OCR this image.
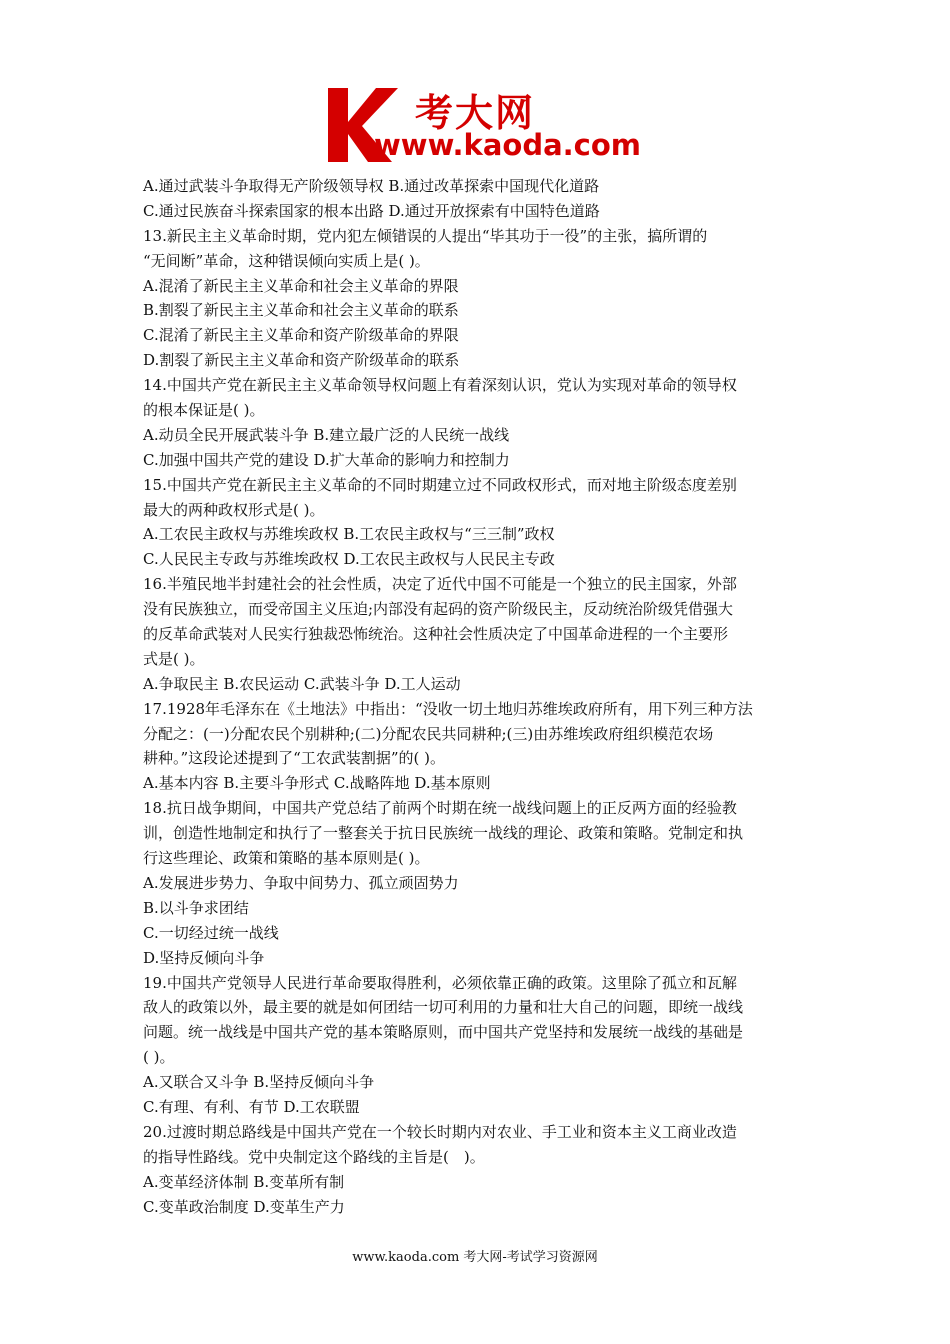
考大网
www.kaoda.com
A.通过武装斗争取得无产阶级领导权 B.通过改革探索中国现代化道路
C.通过民族奋斗探索国家的根本出路 D.通过开放探索有中国特色道路
13.新民主主义革命时期，党内犯左倾错误的人提出“毕其功于一役”的主张，搞所谓的
“无间断”革命，这种错误倾向实质上是( )。
A.混淆了新民主主义革命和社会主义革命的界限
B.割裂了新民主主义革命和社会主义革命的联系
C.混淆了新民主主义革命和资产阶级革命的界限
D.割裂了新民主主义革命和资产阶级革命的联系
14.中国共产党在新民主主义革命领导权问题上有着深刻认识，党认为实现对革命的领导权
的根本保证是( )。
A.动员全民开展武装斗争 B.建立最广泛的人民统一战线
C.加强中国共产党的建设 D.扩大革命的影响力和控制力
15.中国共产党在新民主主义革命的不同时期建立过不同政权形式，而对地主阶级态度差别
最大的两种政权形式是( )。
A.工农民主政权与苏维埃政权 B.工农民主政权与“三三制”政权
C.人民民主专政与苏维埃政权 D.工农民主政权与人民民主专政
16.半殖民地半封建社会的社会性质，决定了近代中国不可能是一个独立的民主国家，外部
没有民族独立，而受帝国主义压迫;内部没有起码的资产阶级民主，反动统治阶级凭借强大
的反革命武装对人民实行独裁恐怖统治。这种社会性质决定了中国革命进程的一个主要形
式是( )。
A.争取民主 B.农民运动 C.武装斗争 D.工人运动
17.1928年毛泽东在《土地法》中指出：“没收一切土地归苏维埃政府所有，用下列三种方法
分配之：(一)分配农民个别耕种;(二)分配农民共同耕种;(三)由苏维埃政府组织模范农场
耕种。”这段论述提到了“工农武装割据”的( )。
A.基本内容 B.主要斗争形式 C.战略阵地 D.基本原则
18.抗日战争期间，中国共产党总结了前两个时期在统一战线问题上的正反两方面的经验教
训，创造性地制定和执行了一整套关于抗日民族统一战线的理论、政策和策略。党制定和执
行这些理论、政策和策略的基本原则是( )。
A.发展进步势力、争取中间势力、孤立顽固势力
B.以斗争求团结
C.一切经过统一战线
D.坚持反倾向斗争
19.中国共产党领导人民进行革命要取得胜利，必须依靠正确的政策。这里除了孤立和瓦解
敌人的政策以外，最主要的就是如何团结一切可利用的力量和壮大自己的问题，即统一战线
问题。统一战线是中国共产党的基本策略原则，而中国共产党坚持和发展统一战线的基础是
( )。
A.又联合又斗争 B.坚持反倾向斗争
C.有理、有利、有节 D.工农联盟
20.过渡时期总路线是中国共产党在一个较长时期内对农业、手工业和资本主义工商业改造
的指导性路线。党中央制定这个路线的主旨是(　)。
A.变革经济体制 B.变革所有制
C.变革政治制度 D.变革生产力
www.kaoda.com 考大网-考试学习资源网
